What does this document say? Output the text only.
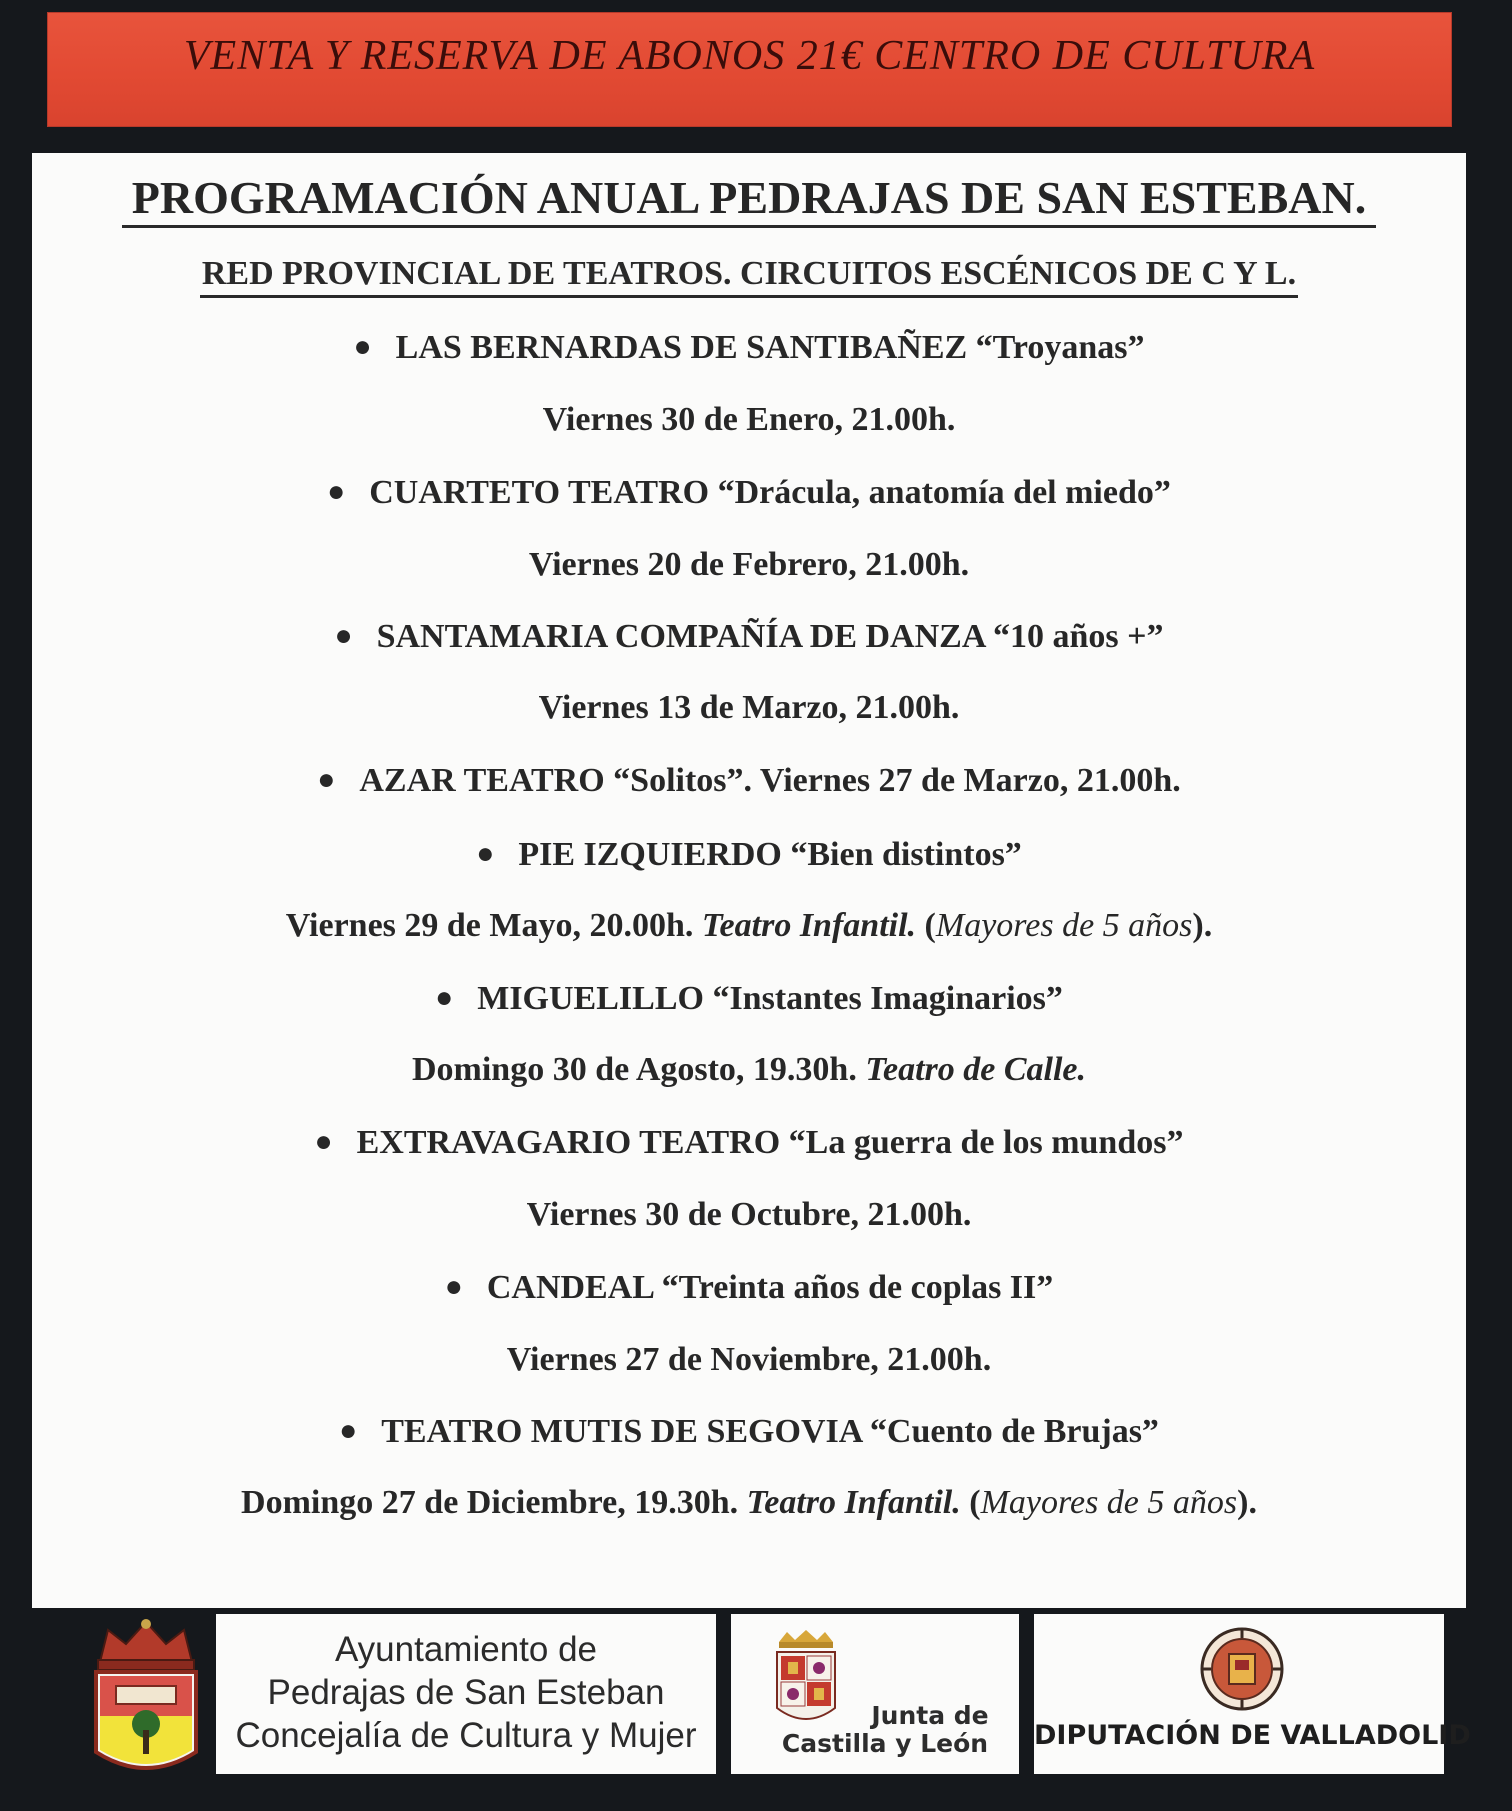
VENTA Y RESERVA DE ABONOS 21€ CENTRO DE CULTURA
PROGRAMACIÓN ANUAL PEDRAJAS DE SAN ESTEBAN.
RED PROVINCIAL DE TEATROS. CIRCUITOS ESCÉNICOS DE C Y L.
● LAS BERNARDAS DE SANTIBAÑEZ “Troyanas”
Viernes 30 de Enero, 21.00h.
● CUARTETO TEATRO “Drácula, anatomía del miedo”
Viernes 20 de Febrero, 21.00h.
● SANTAMARIA COMPAÑÍA DE DANZA “10 años +”
Viernes 13 de Marzo, 21.00h.
● AZAR TEATRO “Solitos”. Viernes 27 de Marzo, 21.00h.
● PIE IZQUIERDO “Bien distintos”
Viernes 29 de Mayo, 20.00h. Teatro Infantil. (Mayores de 5 años).
● MIGUELILLO “Instantes Imaginarios”
Domingo 30 de Agosto, 19.30h. Teatro de Calle.
● EXTRAVAGARIO TEATRO “La guerra de los mundos”
Viernes 30 de Octubre, 21.00h.
● CANDEAL “Treinta años de coplas II”
Viernes 27 de Noviembre, 21.00h.
● TEATRO MUTIS DE SEGOVIA “Cuento de Brujas”
Domingo 27 de Diciembre, 19.30h. Teatro Infantil. (Mayores de 5 años).
Ayuntamiento de
Pedrajas de San Esteban
Concejalía de Cultura y Mujer
Junta de
Castilla y León	DIPUTACIÓN DE VALLADOLID
